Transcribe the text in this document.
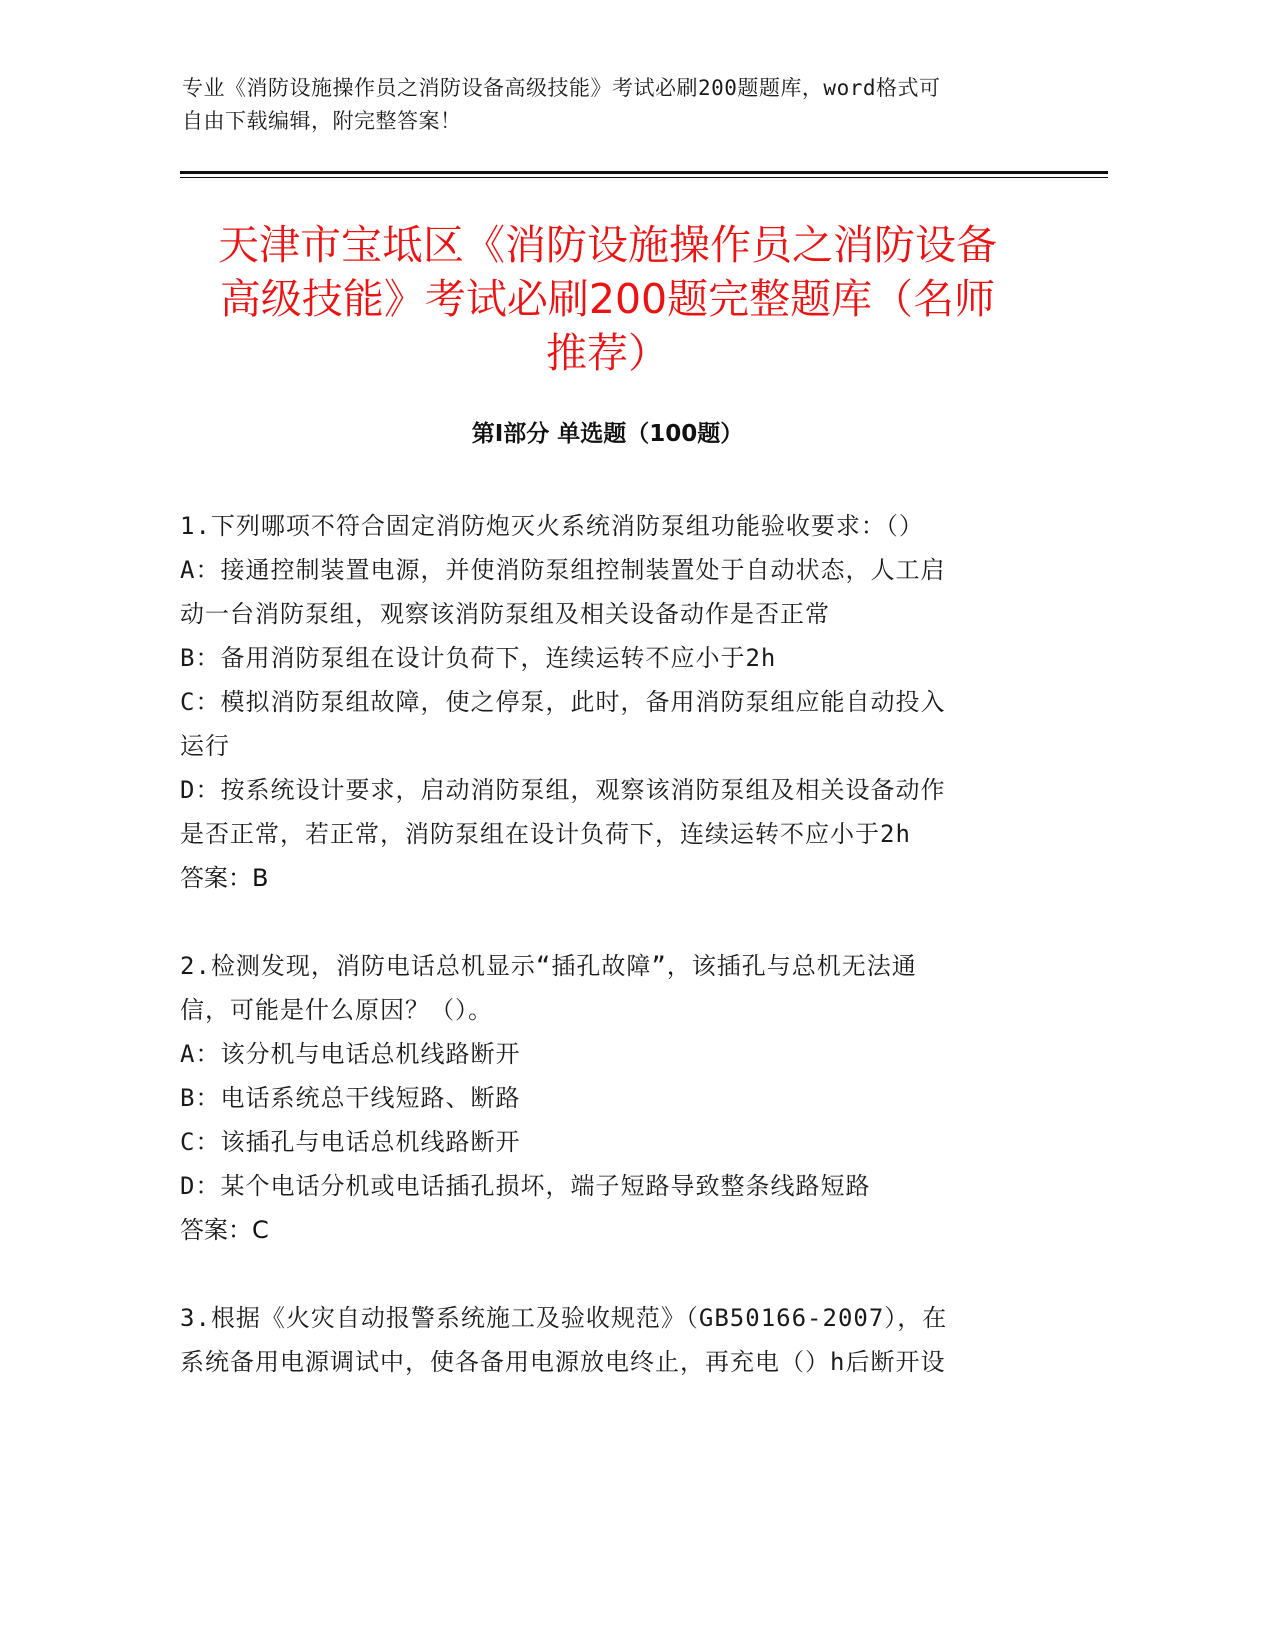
专业《消防设施操作员之消防设备高级技能》考试必刷200题题库，word格式可
自由下载编辑，附完整答案！
天津市宝坻区《消防设施操作员之消防设备
高级技能》考试必刷200题完整题库（名师
推荐）
第Ⅰ部分 单选题（100题）

1.下列哪项不符合固定消防炮灭火系统消防泵组功能验收要求：（）

A：接通控制装置电源，并使消防泵组控制装置处于自动状态，人工启

动一台消防泵组，观察该消防泵组及相关设备动作是否正常

B：备用消防泵组在设计负荷下，连续运转不应小于2h

C：模拟消防泵组故障，使之停泵，此时，备用消防泵组应能自动投入

运行

D：按系统设计要求，启动消防泵组，观察该消防泵组及相关设备动作

是否正常，若正常，消防泵组在设计负荷下，连续运转不应小于2h

答案：B

2.检测发现，消防电话总机显示“插孔故障”，该插孔与总机无法通

信，可能是什么原因？（）。

A：该分机与电话总机线路断开

B：电话系统总干线短路、断路

C：该插孔与电话总机线路断开

D：某个电话分机或电话插孔损坏，端子短路导致整条线路短路

答案：C

3.根据《火灾自动报警系统施工及验收规范》（GB50166-2007），在

系统备用电源调试中，使各备用电源放电终止，再充电（）h后断开设
